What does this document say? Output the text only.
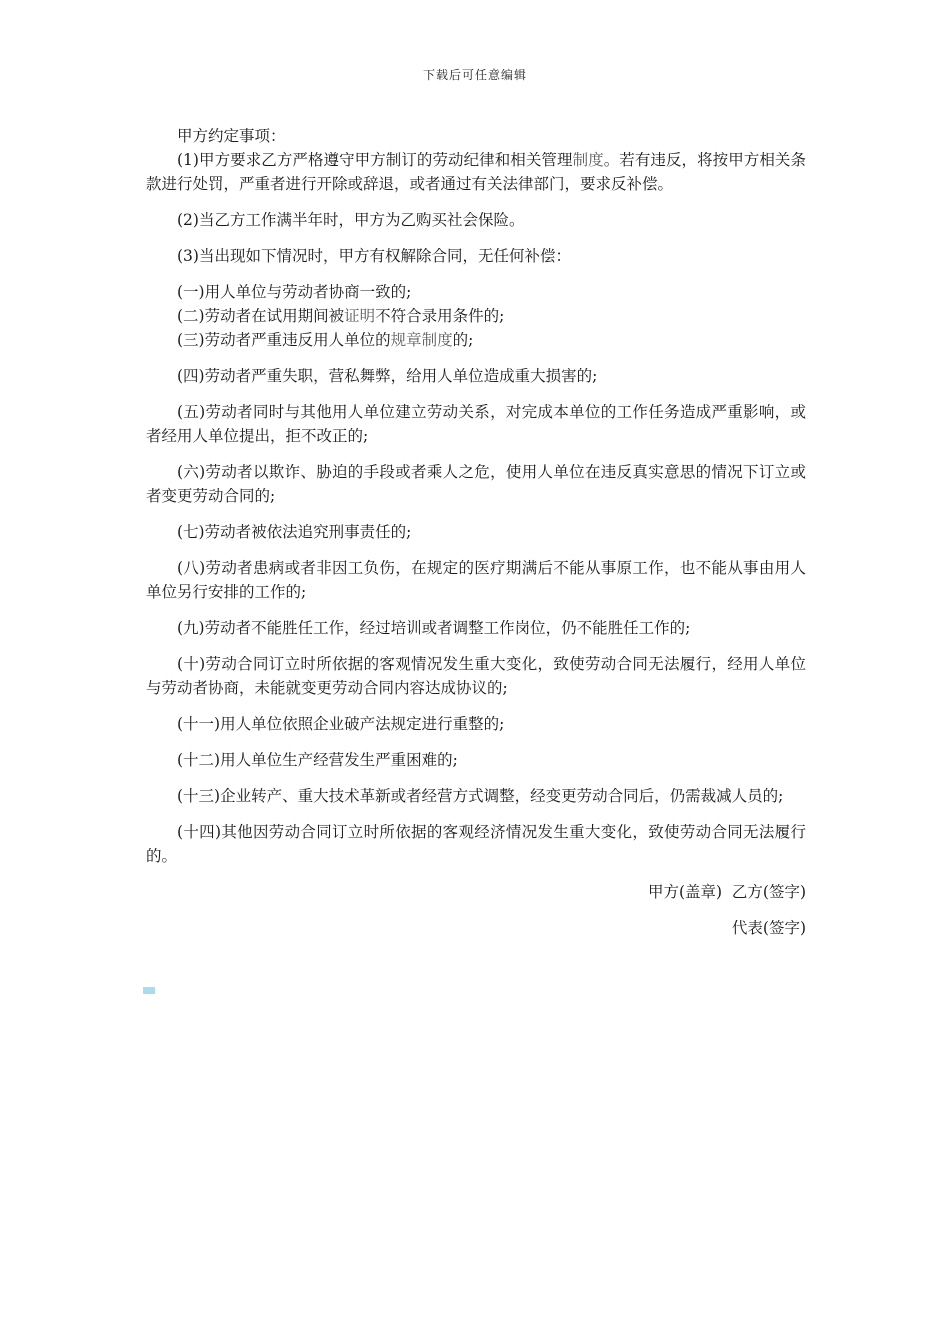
下载后可任意编辑

甲方约定事项：

(1)甲方要求乙方严格遵守甲方制订的劳动纪律和相关管理制度。若有违反，将按甲方相关条款进行处罚，严重者进行开除或辞退，或者通过有关法律部门，要求反补偿。

(2)当乙方工作满半年时，甲方为乙购买社会保险。

(3)当出现如下情况时，甲方有权解除合同，无任何补偿：

(一)用人单位与劳动者协商一致的;

(二)劳动者在试用期间被证明不符合录用条件的;

(三)劳动者严重违反用人单位的规章制度的;

(四)劳动者严重失职，营私舞弊，给用人单位造成重大损害的;

(五)劳动者同时与其他用人单位建立劳动关系，对完成本单位的工作任务造成严重影响，或者经用人单位提出，拒不改正的;

(六)劳动者以欺诈、胁迫的手段或者乘人之危，使用人单位在违反真实意思的情况下订立或者变更劳动合同的;

(七)劳动者被依法追究刑事责任的;

(八)劳动者患病或者非因工负伤，在规定的医疗期满后不能从事原工作，也不能从事由用人单位另行安排的工作的;

(九)劳动者不能胜任工作，经过培训或者调整工作岗位，仍不能胜任工作的;

(十)劳动合同订立时所依据的客观情况发生重大变化，致使劳动合同无法履行，经用人单位与劳动者协商，未能就变更劳动合同内容达成协议的;

(十一)用人单位依照企业破产法规定进行重整的;

(十二)用人单位生产经营发生严重困难的;

(十三)企业转产、重大技术革新或者经营方式调整，经变更劳动合同后，仍需裁减人员的;

(十四)其他因劳动合同订立时所依据的客观经济情况发生重大变化，致使劳动合同无法履行的。

甲方(盖章)  乙方(签字)
代表(签字)
